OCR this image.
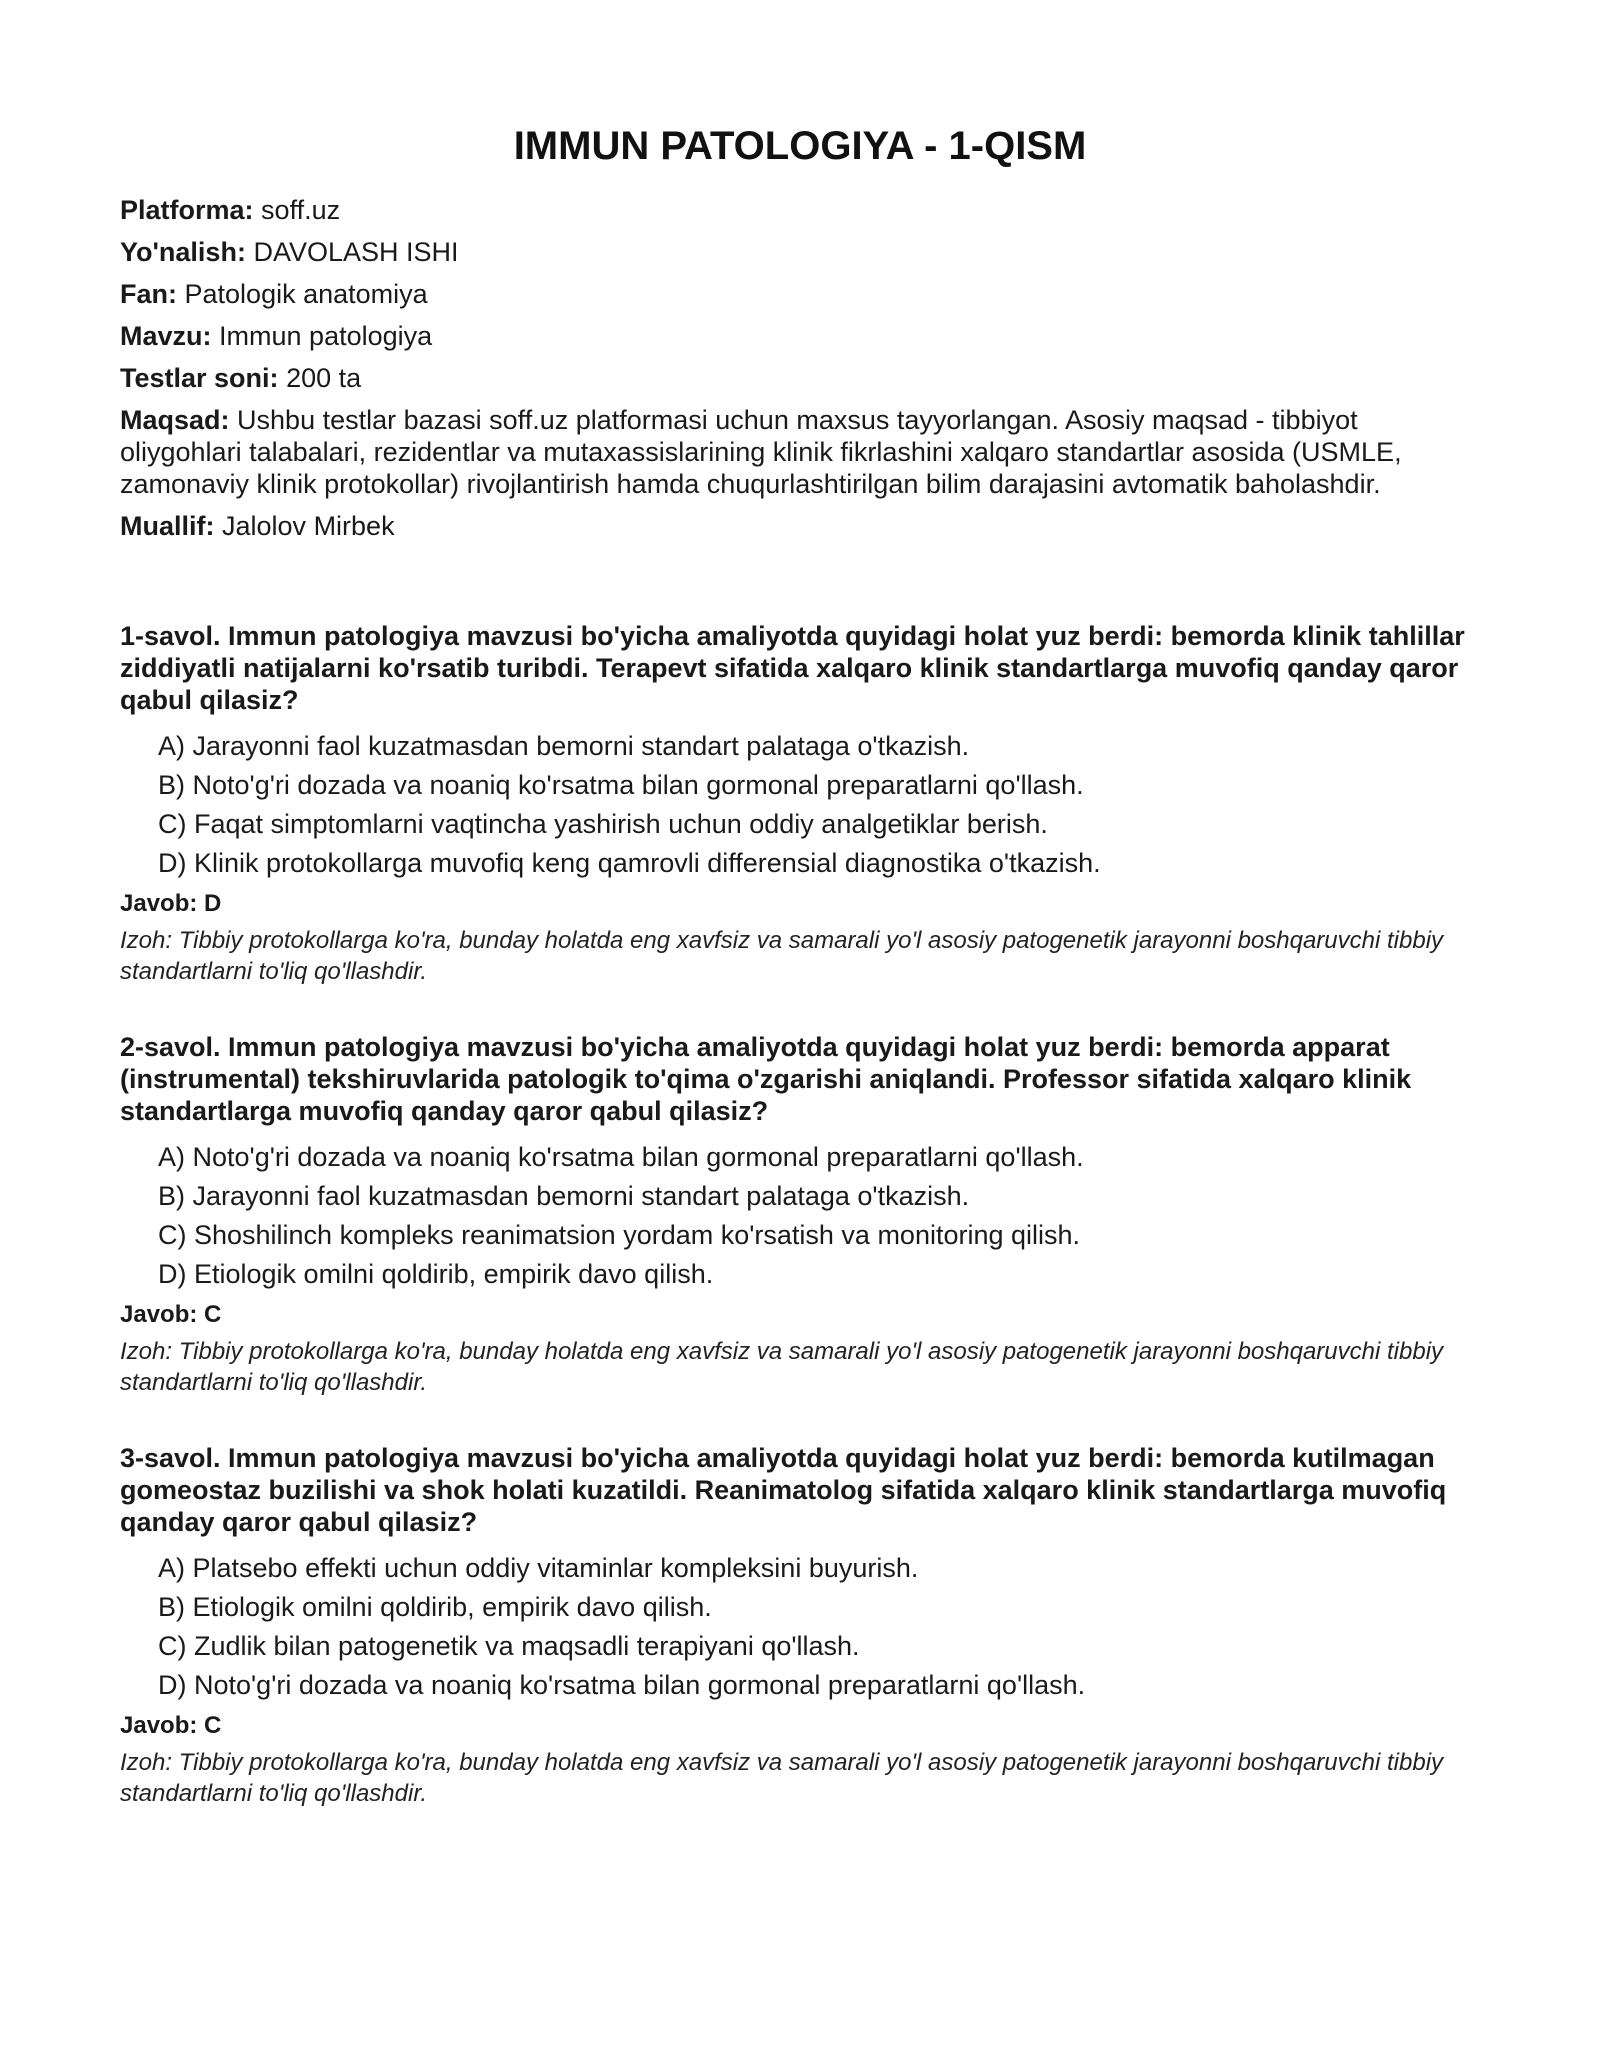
IMMUN PATOLOGIYA - 1-QISM

Platforma: soff.uz

Yo'nalish: DAVOLASH ISHI

Fan: Patologik anatomiya

Mavzu: Immun patologiya

Testlar soni: 200 ta

Maqsad: Ushbu testlar bazasi soff.uz platformasi uchun maxsus tayyorlangan. Asosiy maqsad - tibbiyot oliygohlari talabalari, rezidentlar va mutaxassislarining klinik fikrlashini xalqaro standartlar asosida (USMLE, zamonaviy klinik protokollar) rivojlantirish hamda chuqurlashtirilgan bilim darajasini avtomatik baholashdir.

Muallif: Jalolov Mirbek

1-savol. Immun patologiya mavzusi bo'yicha amaliyotda quyidagi holat yuz berdi: bemorda klinik tahlillar ziddiyatli natijalarni ko'rsatib turibdi. Terapevt sifatida xalqaro klinik standartlarga muvofiq qanday qaror qabul qilasiz?

A) Jarayonni faol kuzatmasdan bemorni standart palataga o'tkazish.
B) Noto'g'ri dozada va noaniq ko'rsatma bilan gormonal preparatlarni qo'llash.
C) Faqat simptomlarni vaqtincha yashirish uchun oddiy analgetiklar berish.
D) Klinik protokollarga muvofiq keng qamrovli differensial diagnostika o'tkazish.

Javob: D

Izoh: Tibbiy protokollarga ko'ra, bunday holatda eng xavfsiz va samarali yo'l asosiy patogenetik jarayonni boshqaruvchi tibbiy standartlarni to'liq qo'llashdir.

2-savol. Immun patologiya mavzusi bo'yicha amaliyotda quyidagi holat yuz berdi: bemorda apparat (instrumental) tekshiruvlarida patologik to'qima o'zgarishi aniqlandi. Professor sifatida xalqaro klinik standartlarga muvofiq qanday qaror qabul qilasiz?

A) Noto'g'ri dozada va noaniq ko'rsatma bilan gormonal preparatlarni qo'llash.
B) Jarayonni faol kuzatmasdan bemorni standart palataga o'tkazish.
C) Shoshilinch kompleks reanimatsion yordam ko'rsatish va monitoring qilish.
D) Etiologik omilni qoldirib, empirik davo qilish.

Javob: C

Izoh: Tibbiy protokollarga ko'ra, bunday holatda eng xavfsiz va samarali yo'l asosiy patogenetik jarayonni boshqaruvchi tibbiy standartlarni to'liq qo'llashdir.

3-savol. Immun patologiya mavzusi bo'yicha amaliyotda quyidagi holat yuz berdi: bemorda kutilmagan gomeostaz buzilishi va shok holati kuzatildi. Reanimatolog sifatida xalqaro klinik standartlarga muvofiq qanday qaror qabul qilasiz?

A) Platsebo effekti uchun oddiy vitaminlar kompleksini buyurish.
B) Etiologik omilni qoldirib, empirik davo qilish.
C) Zudlik bilan patogenetik va maqsadli terapiyani qo'llash.
D) Noto'g'ri dozada va noaniq ko'rsatma bilan gormonal preparatlarni qo'llash.

Javob: C

Izoh: Tibbiy protokollarga ko'ra, bunday holatda eng xavfsiz va samarali yo'l asosiy patogenetik jarayonni boshqaruvchi tibbiy standartlarni to'liq qo'llashdir.
